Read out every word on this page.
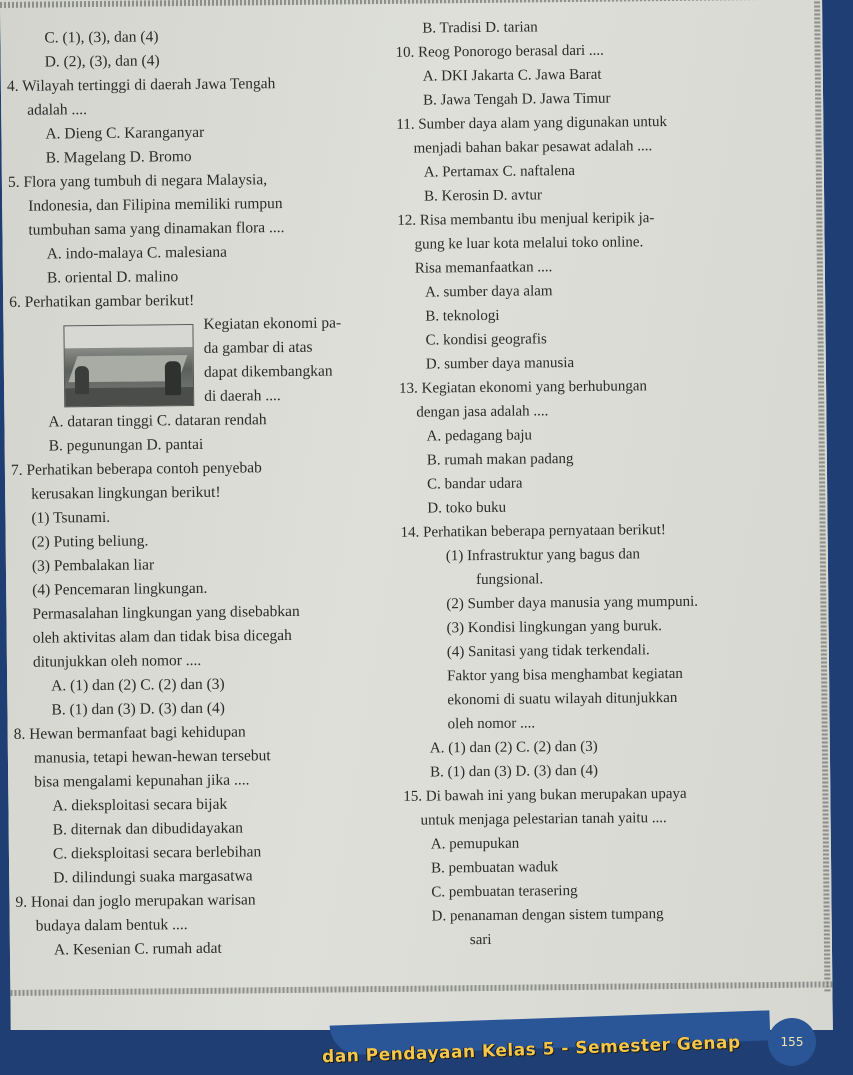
C. (1), (3), dan (4)
D. (2), (3), dan (4)
4. Wilayah tertinggi di daerah Jawa Tengah
adalah ....
A. Dieng C. Karanganyar
B. Magelang D. Bromo
5. Flora yang tumbuh di negara Malaysia,
Indonesia, dan Filipina memiliki rumpun
tumbuhan sama yang dinamakan flora ....
A. indo-malaya C. malesiana
B. oriental D. malino
6. Perhatikan gambar berikut!
Kegiatan ekonomi pa-
da gambar di atas
dapat dikembangkan
di daerah ....
A. dataran tinggi C. dataran rendah
B. pegunungan D. pantai
7. Perhatikan beberapa contoh penyebab
kerusakan lingkungan berikut!
(1) Tsunami.
(2) Puting beliung.
(3) Pembalakan liar
(4) Pencemaran lingkungan.
Permasalahan lingkungan yang disebabkan
oleh aktivitas alam dan tidak bisa dicegah
ditunjukkan oleh nomor ....
A. (1) dan (2) C. (2) dan (3)
B. (1) dan (3) D. (3) dan (4)
8. Hewan bermanfaat bagi kehidupan
manusia, tetapi hewan-hewan tersebut
bisa mengalami kepunahan jika ....
A. dieksploitasi secara bijak
B. diternak dan dibudidayakan
C. dieksploitasi secara berlebihan
D. dilindungi suaka margasatwa
9. Honai dan joglo merupakan warisan
budaya dalam bentuk ....
A. Kesenian C. rumah adat
B. Tradisi D. tarian
10. Reog Ponorogo berasal dari ....
A. DKI Jakarta C. Jawa Barat
B. Jawa Tengah D. Jawa Timur
11. Sumber daya alam yang digunakan untuk
menjadi bahan bakar pesawat adalah ....
A. Pertamax C. naftalena
B. Kerosin D. avtur
12. Risa membantu ibu menjual keripik ja-
gung ke luar kota melalui toko online.
Risa memanfaatkan ....
A. sumber daya alam
B. teknologi
C. kondisi geografis
D. sumber daya manusia
13. Kegiatan ekonomi yang berhubungan
dengan jasa adalah ....
A. pedagang baju
B. rumah makan padang
C. bandar udara
D. toko buku
14. Perhatikan beberapa pernyataan berikut!
(1) Infrastruktur yang bagus dan
fungsional.
(2) Sumber daya manusia yang mumpuni.
(3) Kondisi lingkungan yang buruk.
(4) Sanitasi yang tidak terkendali.
Faktor yang bisa menghambat kegiatan
ekonomi di suatu wilayah ditunjukkan
oleh nomor ....
A. (1) dan (2) C. (2) dan (3)
B. (1) dan (3) D. (3) dan (4)
15. Di bawah ini yang bukan merupakan upaya
untuk menjaga pelestarian tanah yaitu ....
A. pemupukan
B. pembuatan waduk
C. pembuatan terasering
D. penanaman dengan sistem tumpang
sari
dan Pendayaan Kelas 5 - Semester Genap	155
